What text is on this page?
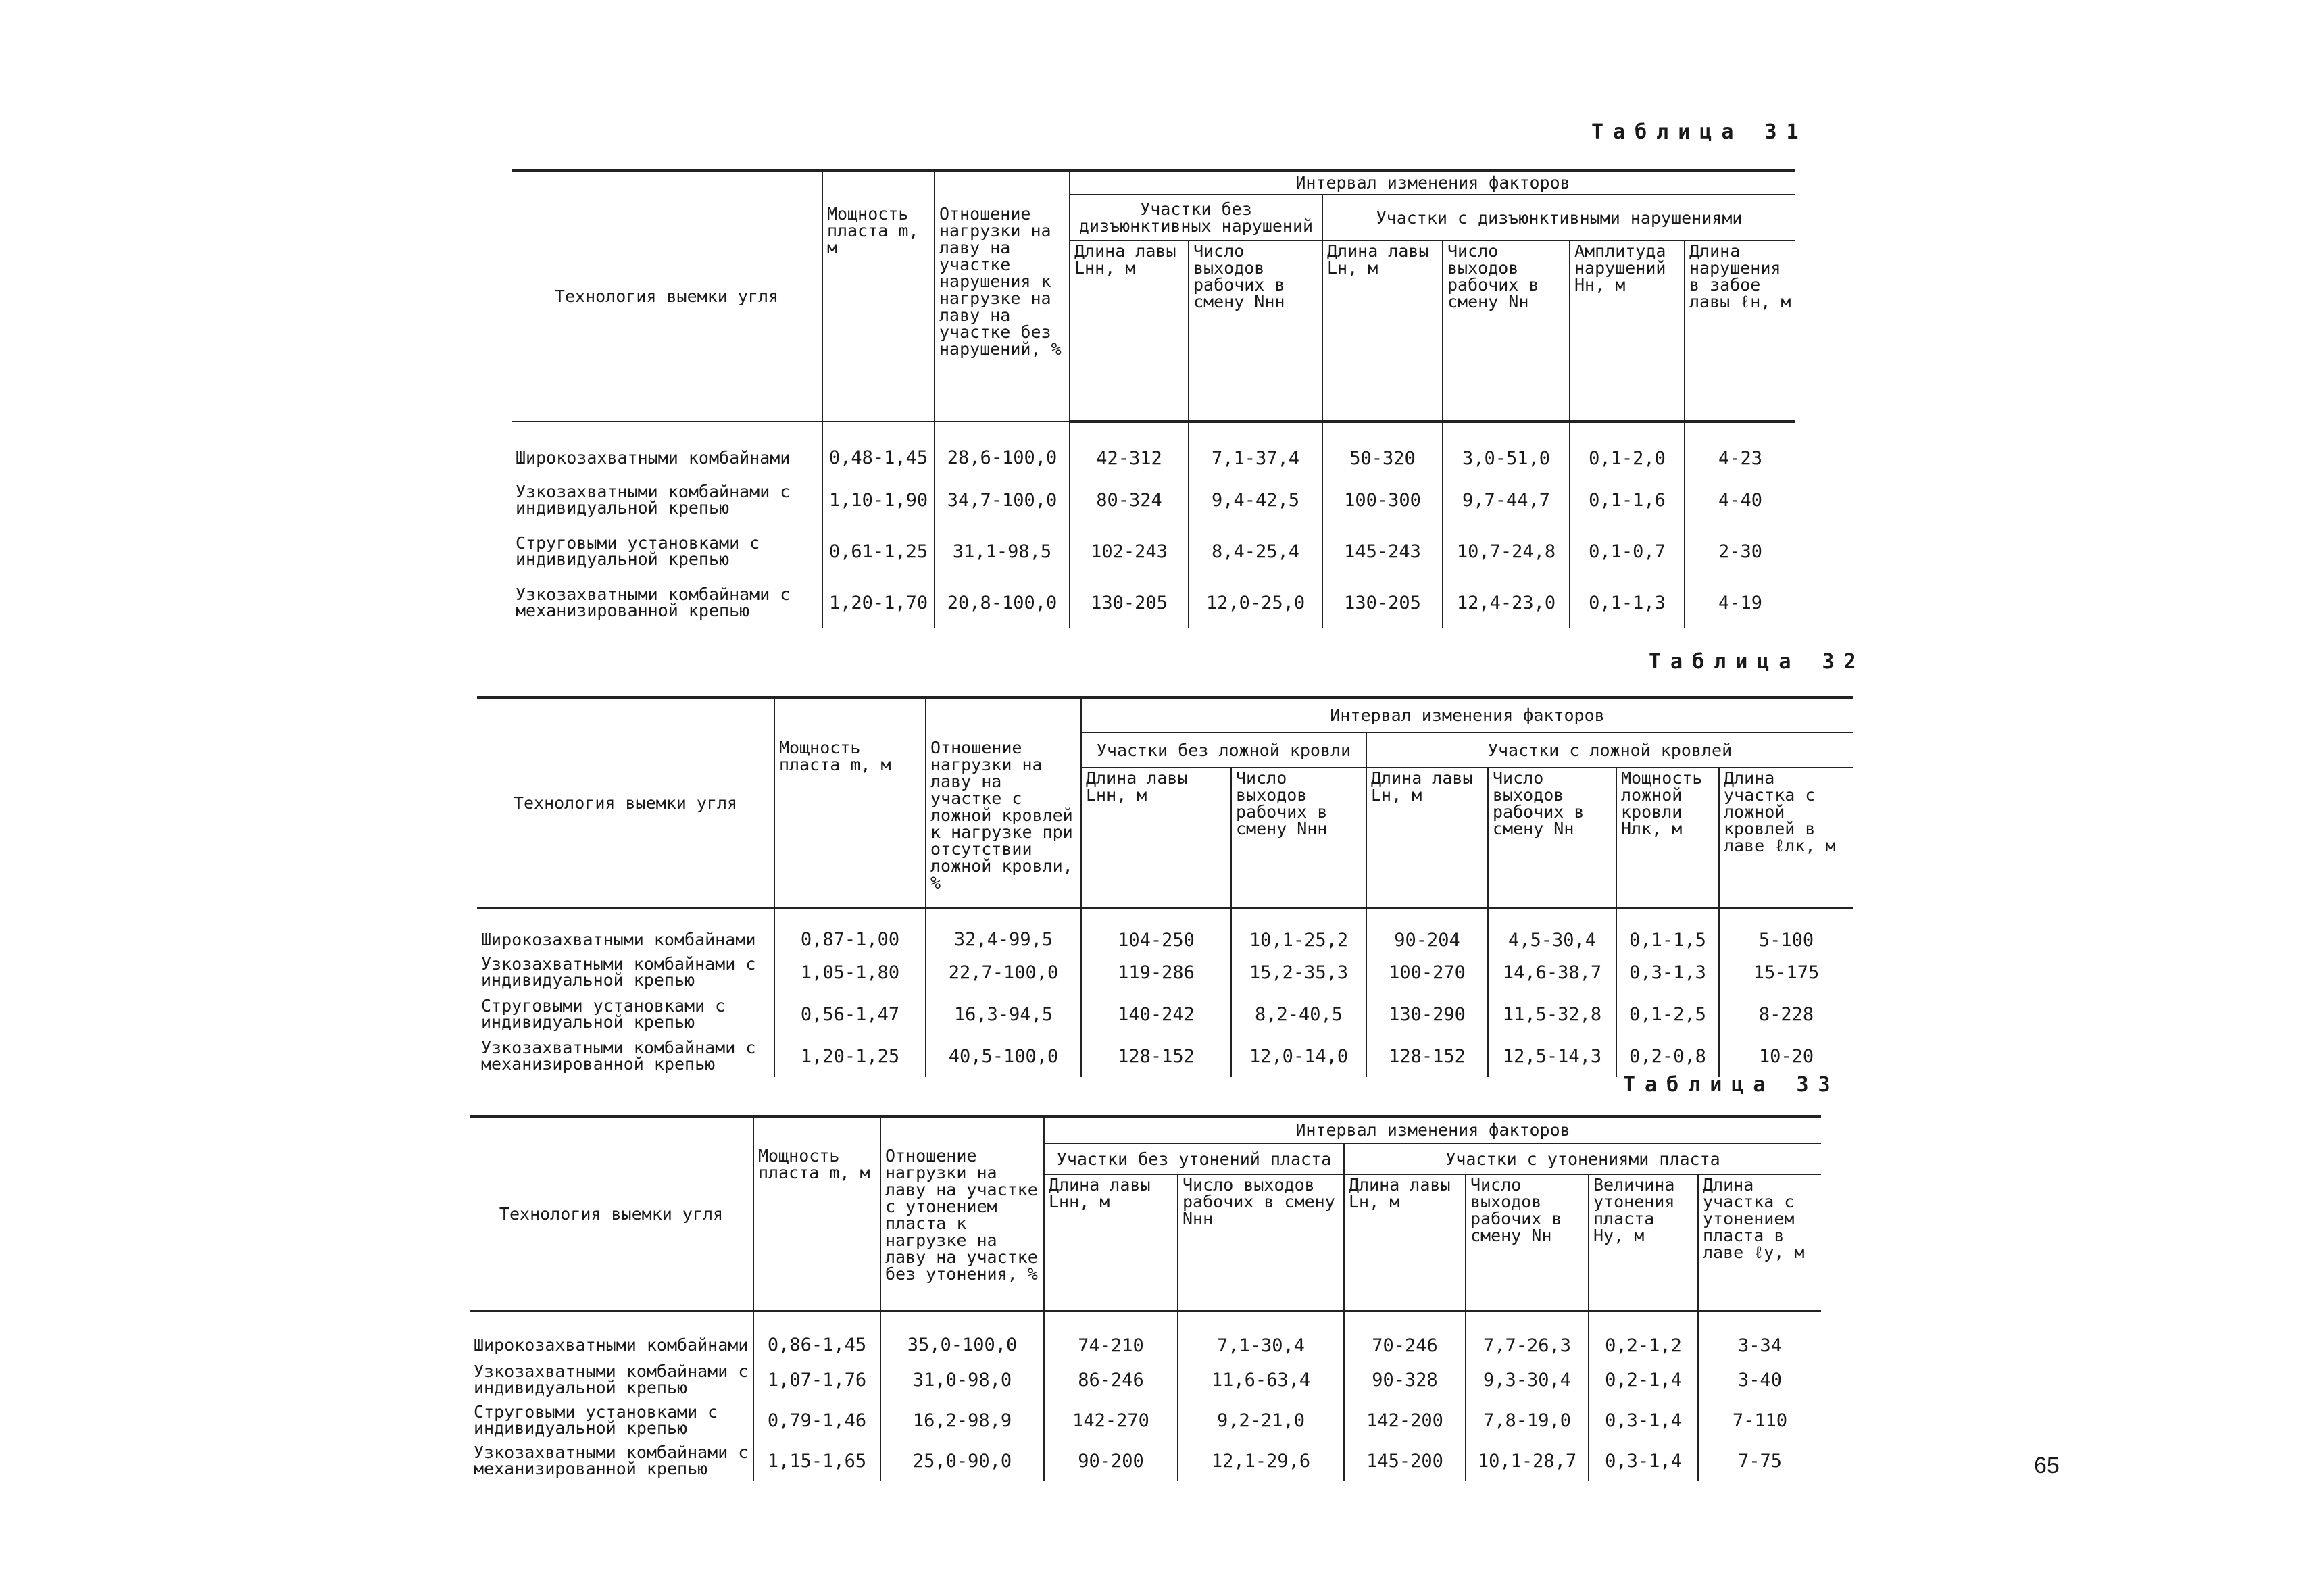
Таблица 31
Технология выемки угля	Мощность пласта m, м	Отношение нагрузки на лаву на участке нарушения к нагрузке на лаву на участке без нарушений, %	Интервал изменения факторов					
			Участки без дизъюнктивных нарушений		Участки с дизъюнктивными нарушениями			
			Длина лавы Lнн, м	Число выходов рабочих в смену Nнн	Длина лавы Lн, м	Число выходов рабочих в смену Nн	Амплитуда нарушений Hн, м	Длина нарушения в забое лавы ℓн, м
Широкозахватными комбайнами	0,48-1,45	28,6-100,0	42-312	7,1-37,4	50-320	3,0-51,0	0,1-2,0	4-23
Узкозахватными комбайнами с индивидуальной крепью	1,10-1,90	34,7-100,0	80-324	9,4-42,5	100-300	9,7-44,7	0,1-1,6	4-40
Струговыми установками с индивидуальной крепью	0,61-1,25	31,1-98,5	102-243	8,4-25,4	145-243	10,7-24,8	0,1-0,7	2-30
Узкозахватными комбайнами с механизированной крепью	1,20-1,70	20,8-100,0	130-205	12,0-25,0	130-205	12,4-23,0	0,1-1,3	4-19
Таблица 32
Технология выемки угля	Мощность пласта m, м	Отношение нагрузки на лаву на участке с ложной кровлей к нагрузке при отсутствии ложной кровли, %	Интервал изменения факторов					
			Участки без ложной кровли		Участки с ложной кровлей			
			Длина лавы Lнн, м	Число выходов рабочих в смену Nнн	Длина лавы Lн, м	Число выходов рабочих в смену Nн	Мощность ложной кровли Hлк, м	Длина участка с ложной кровлей в лаве ℓлк, м
Широкозахватными комбайнами	0,87-1,00	32,4-99,5	104-250	10,1-25,2	90-204	4,5-30,4	0,1-1,5	5-100
Узкозахватными комбайнами с индивидуальной крепью	1,05-1,80	22,7-100,0	119-286	15,2-35,3	100-270	14,6-38,7	0,3-1,3	15-175
Струговыми установками с индивидуальной крепью	0,56-1,47	16,3-94,5	140-242	8,2-40,5	130-290	11,5-32,8	0,1-2,5	8-228
Узкозахватными комбайнами с механизированной крепью	1,20-1,25	40,5-100,0	128-152	12,0-14,0	128-152	12,5-14,3	0,2-0,8	10-20
Таблица 33
Технология выемки угля	Мощность пласта m, м	Отношение нагрузки на лаву на участке с утонением пласта к нагрузке на лаву на участке без утонения, %	Интервал изменения факторов					
			Участки без утонений пласта		Участки с утонениями пласта			
			Длина лавы Lнн, м	Число выходов рабочих в смену Nнн	Длина лавы Lн, м	Число выходов рабочих в смену Nн	Величина утонения пласта Hу, м	Длина участка с утонением пласта в лаве ℓу, м
Широкозахватными комбайнами	0,86-1,45	35,0-100,0	74-210	7,1-30,4	70-246	7,7-26,3	0,2-1,2	3-34
Узкозахватными комбайнами с индивидуальной крепью	1,07-1,76	31,0-98,0	86-246	11,6-63,4	90-328	9,3-30,4	0,2-1,4	3-40
Струговыми установками с индивидуальной крепью	0,79-1,46	16,2-98,9	142-270	9,2-21,0	142-200	7,8-19,0	0,3-1,4	7-110
Узкозахватными комбайнами с механизированной крепью	1,15-1,65	25,0-90,0	90-200	12,1-29,6	145-200	10,1-28,7	0,3-1,4	7-75	65
